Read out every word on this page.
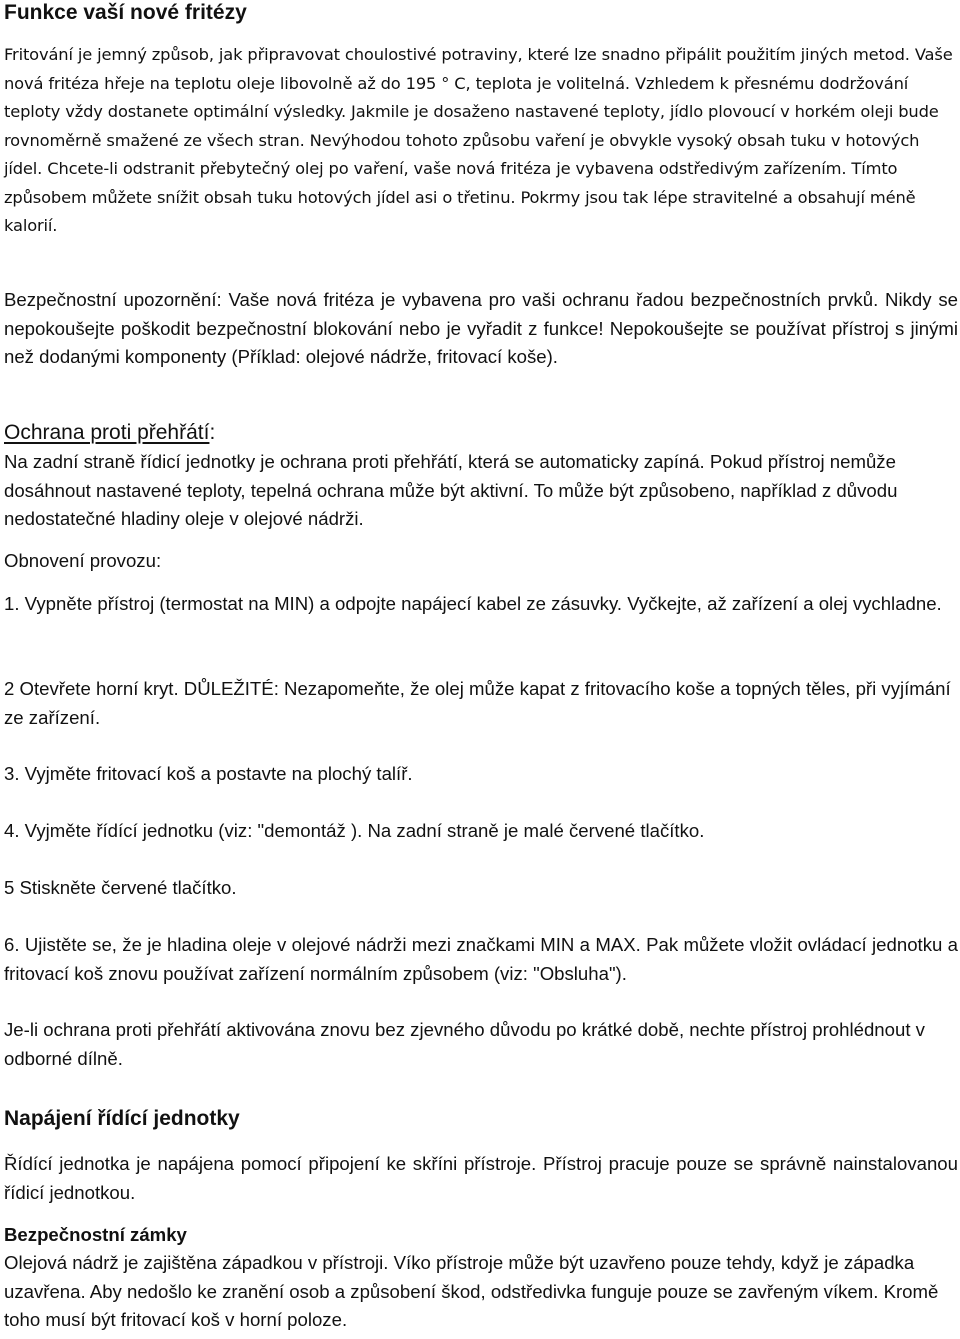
Funkce vaší nové fritézy

Fritování je jemný způsob, jak připravovat choulostivé potraviny, které lze snadno připálit použitím jiných metod. Vaše nová fritéza hřeje na teplotu oleje libovolně až do 195 ° C, teplota je volitelná. Vzhledem k přesnému dodržování teploty vždy dostanete optimální výsledky. Jakmile je dosaženo nastavené teploty, jídlo plovoucí v horkém oleji bude rovnoměrně smažené ze všech stran. Nevýhodou tohoto způsobu vaření je obvykle vysoký obsah tuku v hotových jídel. Chcete-li odstranit přebytečný olej po vaření, vaše nová fritéza je vybavena odstředivým zařízením. Tímto způsobem můžete snížit obsah tuku hotových jídel asi o třetinu. Pokrmy jsou tak lépe stravitelné a obsahují méně kalorií.

Bezpečnostní upozornění: Vaše nová fritéza je vybavena pro vaši ochranu řadou bezpečnostních prvků. Nikdy se nepokoušejte poškodit bezpečnostní blokování nebo je vyřadit z funkce! Nepokoušejte se používat přístroj s jinými než dodanými komponenty (Příklad: olejové nádrže, fritovací koše).

Ochrana proti přehřátí:

Na zadní straně řídicí jednotky je ochrana proti přehřátí, která se automaticky zapíná. Pokud přístroj nemůže dosáhnout nastavené teploty, tepelná ochrana může být aktivní. To může být způsobeno, například z důvodu nedostatečné hladiny oleje v olejové nádrži.

Obnovení provozu:

1. Vypněte přístroj (termostat na MIN) a odpojte napájecí kabel ze zásuvky. Vyčkejte, až zařízení a olej vychladne.

2 Otevřete horní kryt. DŮLEŽITÉ: Nezapomeňte, že olej může kapat z fritovacího koše a topných těles, při vyjímání ze zařízení.

3. Vyjměte fritovací koš a postavte na plochý talíř.

4. Vyjměte řídící jednotku (viz: "demontáž ). Na zadní straně je malé červené tlačítko.

5 Stiskněte červené tlačítko.

6. Ujistěte se, že je hladina oleje v olejové nádrži mezi značkami MIN a MAX. Pak můžete vložit ovládací jednotku a fritovací koš znovu používat zařízení normálním způsobem (viz: "Obsluha").

Je-li ochrana proti přehřátí aktivována znovu bez zjevného důvodu po krátké době, nechte přístroj prohlédnout v odborné dílně.

Napájení řídící jednotky

Řídící jednotka je napájena pomocí připojení ke skříni přístroje. Přístroj pracuje pouze se správně nainstalovanou řídicí jednotkou.

Bezpečnostní zámky

Olejová nádrž je zajištěna západkou v přístroji. Víko přístroje může být uzavřeno pouze tehdy, když je západka uzavřena. Aby nedošlo ke zranění osob a způsobení škod, odstředivka funguje pouze se zavřeným víkem. Kromě toho musí být fritovací koš v horní poloze.
